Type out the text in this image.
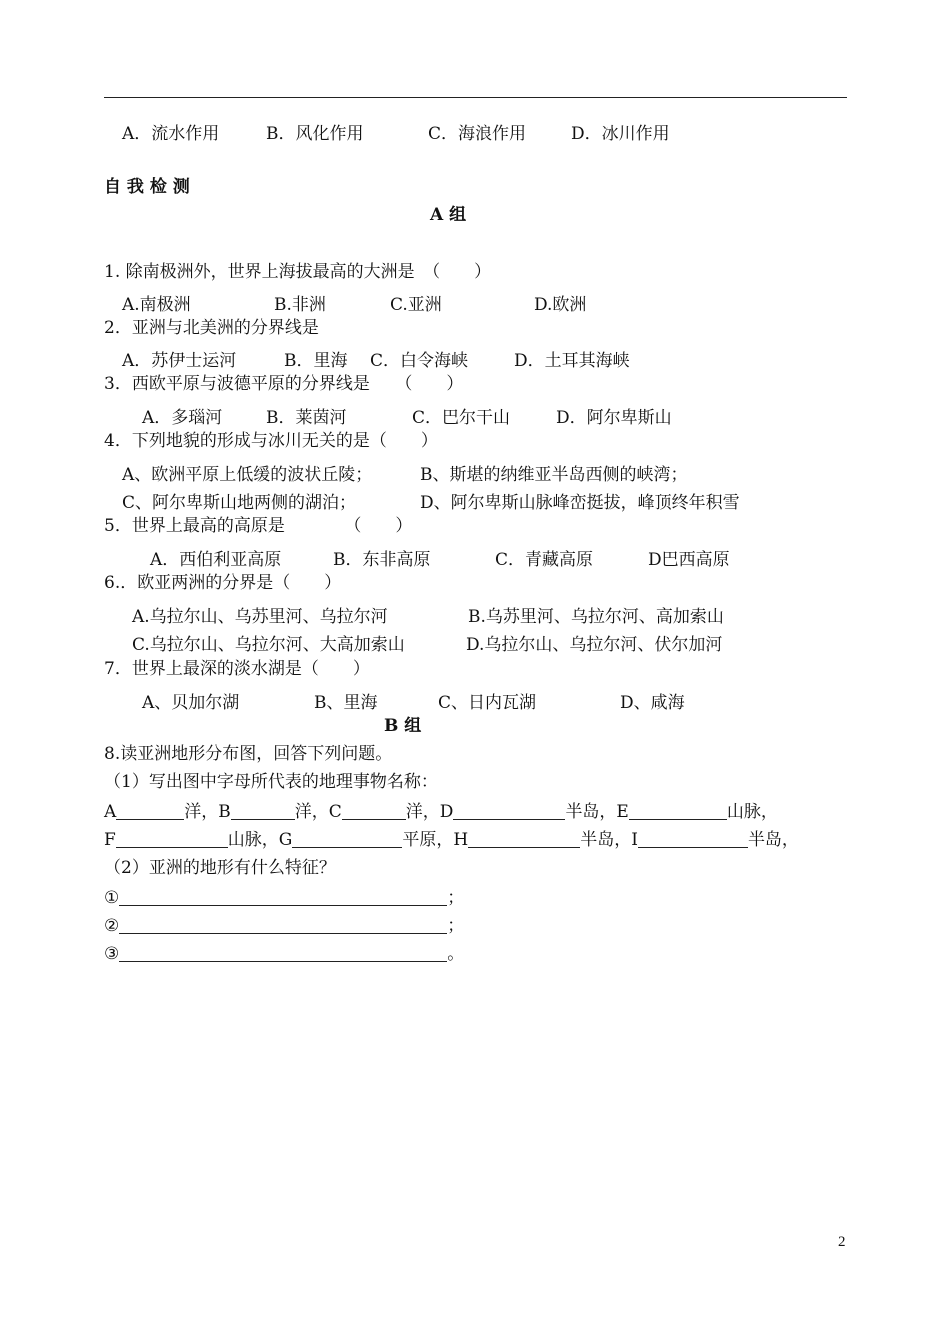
A．流水作用	B．风化作用	C．海浪作用	D．冰川作用
自 我 检 测
A 组
1. 除南极洲外，世界上海拔最高的大洲是　（　　）
A.南极洲	B.非洲	C.亚洲	D.欧洲
2．亚洲与北美洲的分界线是
A．苏伊士运河	B．里海 C．白令海峡	D．土耳其海峡
3．西欧平原与波德平原的分界线是　　（　　）
A．多瑙河	B．莱茵河	C．巴尔干山	D．阿尔卑斯山
4．下列地貌的形成与冰川无关的是（　　）
A、欧洲平原上低缓的波状丘陵；	B、斯堪的纳维亚半岛西侧的峡湾；
C、阿尔卑斯山地两侧的湖泊；	D、阿尔卑斯山脉峰峦挺拔，峰顶终年积雪
5．世界上最高的高原是　　　　（　　）
A．西伯利亚高原	B．东非高原	C．青藏高原	D巴西高原
6.．欧亚两洲的分界是（　　）
A.乌拉尔山、乌苏里河、乌拉尔河	B.乌苏里河、乌拉尔河、高加索山
C.乌拉尔山、乌拉尔河、大高加索山	D.乌拉尔山、乌拉尔河、伏尔加河
7．世界上最深的淡水湖是（　　）
A、贝加尔湖	B、里海	C、日内瓦湖	D、咸海
B 组
8.读亚洲地形分布图，回答下列问题。
（1）写出图中字母所代表的地理事物名称：
A	洋，B	洋，C	洋，D	半岛，E	山脉，
F	山脉，G	平原，H	半岛，I	半岛，
（2）亚洲的地形有什么特征？
①	；
②	；
③	。
2
